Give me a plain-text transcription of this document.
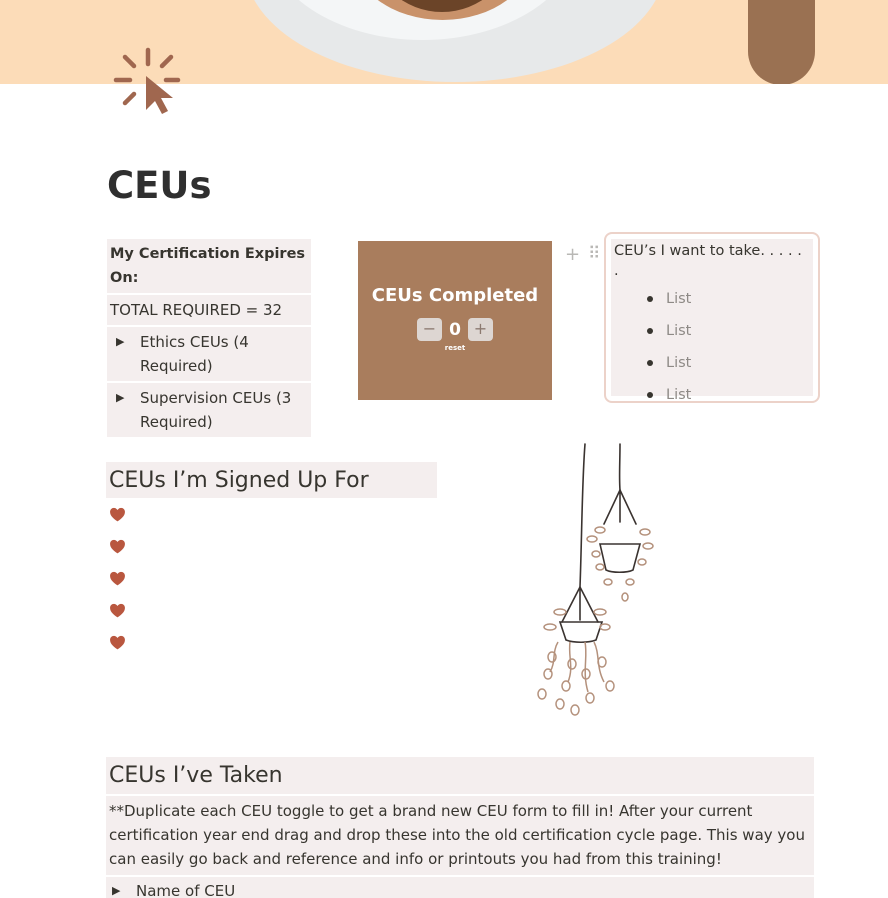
CEUs
My Certification Expires On:
TOTAL REQUIRED = 32
▶	Ethics CEUs (4 Required)
▶	Supervision CEUs (3 Required)
CEUs Completed
− 0 +
reset
+ ⠿ CEU’s I want to take. . . . . .
List
List
List
List
CEUs I’m Signed Up For
CEUs I’ve Taken
**Duplicate each CEU toggle to get a brand new CEU form to fill in! After your current certification year end drag and drop these into the old certification cycle page. This way you can easily go back and reference and info or printouts you had from this training!
▶	Name of CEU
